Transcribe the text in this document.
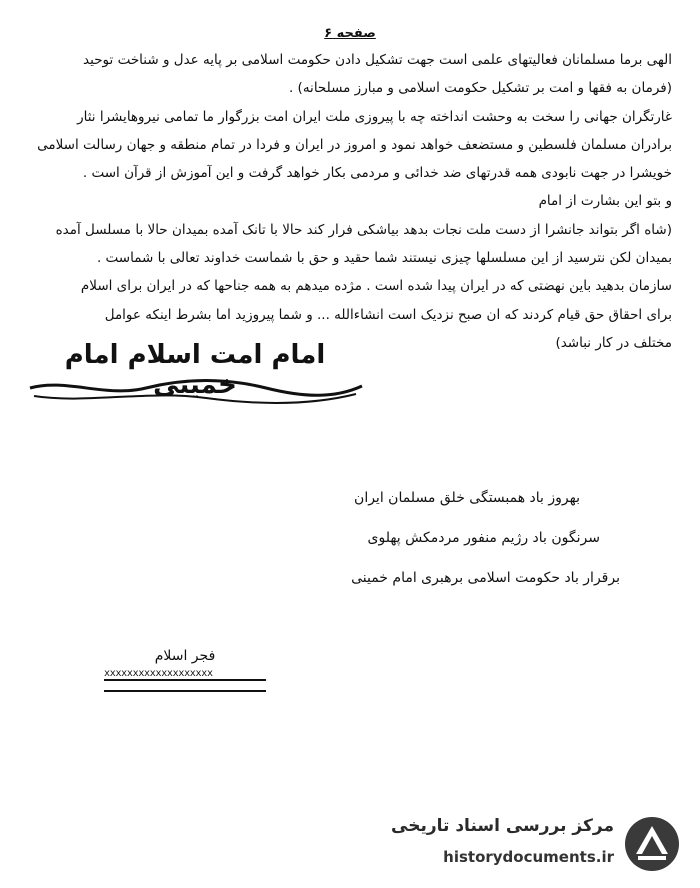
صفحه ۶
الهی برما مسلمانان فعالیتهای علمی است جهت تشکیل دادن حکومت اسلامی بر پایه عدل و شناخت توحید
(فرمان به فقها و امت بر تشکیل حکومت اسلامی و مبارز مسلحانه) .
غارتگران جهانی را سخت به وحشت انداخته چه با پیروزی ملت ایران امت بزرگوار ما تمامی نیروهایشرا نثار
برادران مسلمان فلسطین و مستضعف خواهد نمود و امروز در ایران و فردا در تمام منطقه و جهان رسالت اسلامی
خویشرا در جهت نابودی همه قدرتهای ضد خدائی و مردمی بکار خواهد گرفت و این آموزش از قرآن است .
و بتو این بشارت از امام
(شاه اگر بتواند جانشرا از دست ملت نجات بدهد بیاشکی فرار کند حالا با تانک آمده بمیدان حالا با مسلسل آمده
بمیدان لکن نترسید از این مسلسلها چیزی نیستند شما حقید و حق با شماست خداوند تعالی با شماست .
سازمان بدهید باین نهضتی که در ایران پیدا شده است . مژده میدهم به همه جناحها که در ایران برای اسلام
برای احقاق حق قیام کردند که ان صبح نزدیک است انشاءالله ... و شما پیروزید اما بشرط اینکه عوامل
مختلف در کار نباشد)
امام امت اسلام امام خمینی
بهروز باد همبستگی خلق مسلمان ایران
سرنگون باد رژیم منفور مردمکش پهلوی
برقرار باد حکومت اسلامی برهبری امام خمینی
فجر اسلام
xxxxxxxxxxxxxxxxxxx
مرکز بررسی اسناد تاریخی
historydocuments.ir
